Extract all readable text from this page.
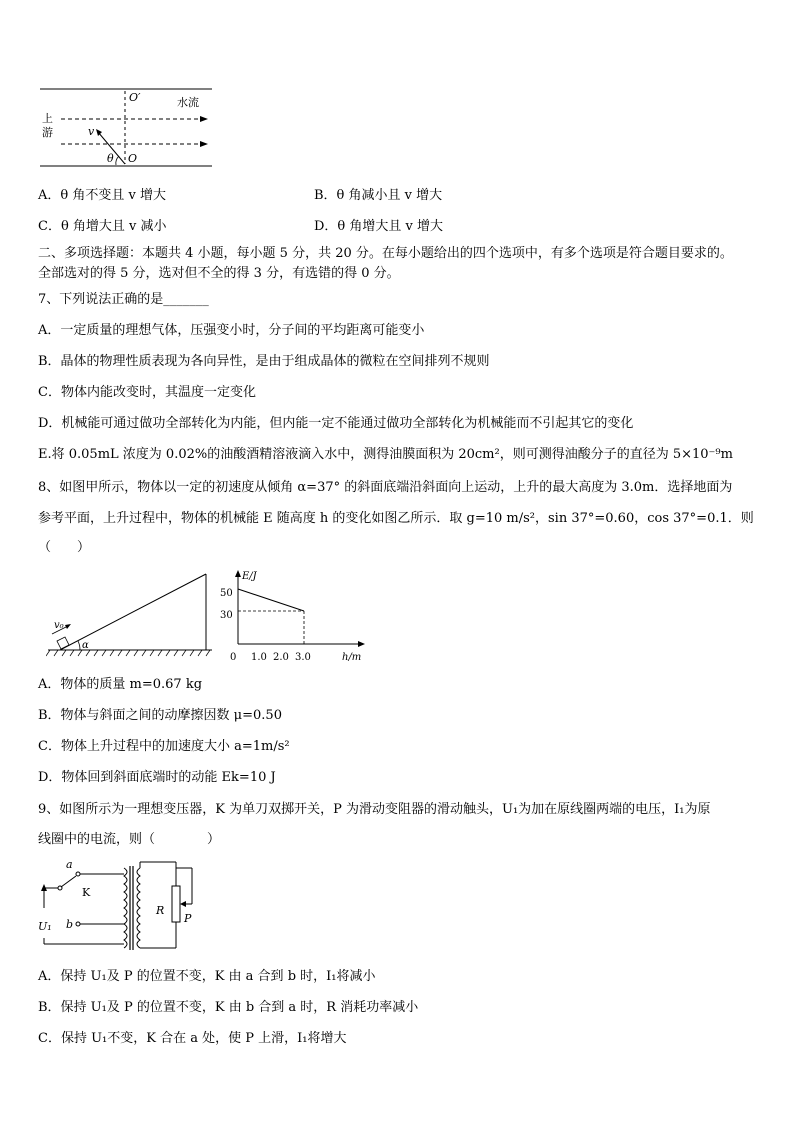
O′	水流
上
游	v
θ O
A．θ 角不变且 v 增大	B．θ 角减小且 v 增大
C．θ 角增大且 v 减小	D．θ 角增大且 v 增大
二、多项选择题：本题共 4 小题，每小题 5 分，共 20 分。在每小题给出的四个选项中，有多个选项是符合题目要求的。
全部选对的得 5 分，选对但不全的得 3 分，有选错的得 0 分。
7、下列说法正确的是_______
A．一定质量的理想气体，压强变小时，分子间的平均距离可能变小
B．晶体的物理性质表现为各向异性，是由于组成晶体的微粒在空间排列不规则
C．物体内能改变时，其温度一定变化
D．机械能可通过做功全部转化为内能，但内能一定不能通过做功全部转化为机械能而不引起其它的变化
E.将 0.05mL 浓度为 0.02%的油酸酒精溶液滴入水中，测得油膜面积为 20cm²，则可测得油酸分子的直径为 5×10⁻⁹m
8、如图甲所示，物体以一定的初速度从倾角 α=37° 的斜面底端沿斜面向上运动，上升的最大高度为 3.0m．选择地面为
参考平面，上升过程中，物体的机械能 E 随高度 h 的变化如图乙所示．取 g=10 m/s²，sin 37°=0.60，cos 37°=0.1．则
（　　）
v₀
α
E/J
h/m
50
30
0 1.0 2.0 3.0
A．物体的质量 m=0.67 kg
B．物体与斜面之间的动摩擦因数 μ=0.50
C．物体上升过程中的加速度大小 a=1m/s²
D．物体回到斜面底端时的动能 Ek=10 J
9、如图所示为一理想变压器，K 为单刀双掷开关，P 为滑动变阻器的滑动触头，U₁为加在原线圈两端的电压，I₁为原
线圈中的电流，则（　　　　）
a
K
b
U₁
R
P
A．保持 U₁及 P 的位置不变，K 由 a 合到 b 时，I₁将减小
B．保持 U₁及 P 的位置不变，K 由 b 合到 a 时，R 消耗功率减小
C．保持 U₁不变，K 合在 a 处，使 P 上滑，I₁将增大
